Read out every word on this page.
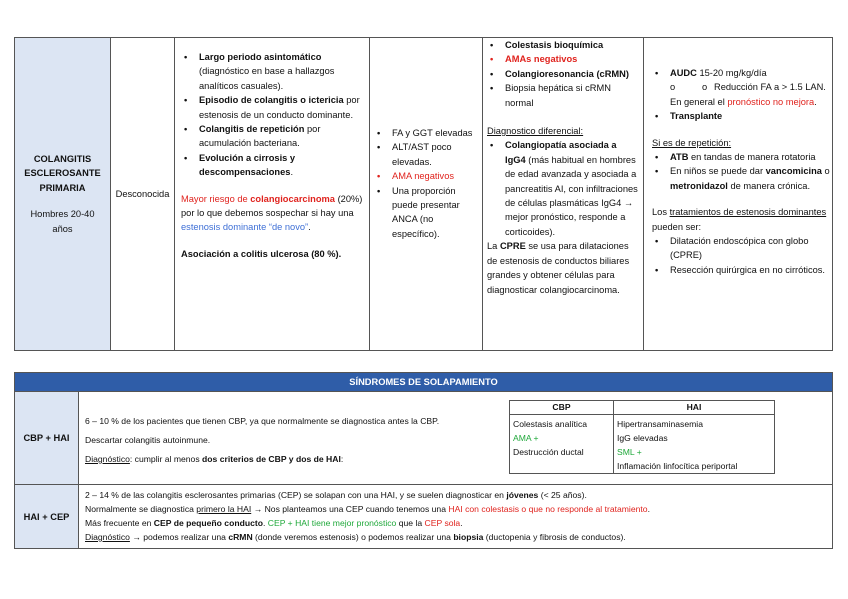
COLANGITIS ESCLEROSANTE PRIMARIA
Hombres 20-40 años
Desconocida
• Largo periodo asintomático (diagnóstico en base a hallazgos analíticos casuales).
• Episodio de colangitis o ictericia por estenosis de un conducto dominante.
• Colangitis de repetición por acumulación bacteriana.
• Evolución a cirrosis y descompensaciones.
Mayor riesgo de colangiocarcinoma (20%) por lo que debemos sospechar si hay una estenosis dominante “de novo”.
Asociación a colitis ulcerosa (80 %).
• FA y GGT elevadas
• ALT/AST poco elevadas.
• AMA negativos
• Una proporción puede presentar ANCA (no específico).
• Colestasis bioquímica
• AMAs negativos
• Colangioresonancia (cRMN)
• Biopsia hepática si cRMN normal
Diagnostico diferencial:
• Colangiopatía asociada a IgG4 (más habitual en hombres de edad avanzada y asociada a pancreatitis AI, con infiltraciones de células plasmáticas IgG4 → mejor pronóstico, responde a corticoides).
La CPRE se usa para dilataciones de estenosis de conductos biliares grandes y obtener células para diagnosticar colangiocarcinoma.
• AUDC 15-20 mg/kg/día
o o Reducción FA a > 1.5 LAN.
En general el pronóstico no mejora.
• Transplante
Si es de repetición:
• ATB en tandas de manera rotatoria
• En niños se puede dar vancomicina o metronidazol de manera crónica.
Los tratamientos de estenosis dominantes pueden ser:
• Dilatación endoscópica con globo (CPRE)
• Resección quirúrgica en no cirróticos.
SÍNDROMES DE SOLAPAMIENTO
CBP + HAI
6 – 10 % de los pacientes que tienen CBP, ya que normalmente se diagnostica antes la CBP.
Descartar colangitis autoinmune.
Diagnóstico: cumplir al menos dos criterios de CBP y dos de HAI:
CBP
Colestasis analítica
AMA +
Destrucción ductal
HAI
Hipertransaminasemia
IgG elevadas
SML +
Inflamación linfocítica periportal
HAI + CEP
2 – 14 % de las colangitis esclerosantes primarias (CEP) se solapan con una HAI, y se suelen diagnosticar en jóvenes (< 25 años).
Normalmente se diagnostica primero la HAI → Nos planteamos una CEP cuando tenemos una HAI con colestasis o que no responde al tratamiento.
Más frecuente en CEP de pequeño conducto. CEP + HAI tiene mejor pronóstico que la CEP sola.
Diagnóstico → podemos realizar una cRMN (donde veremos estenosis) o podemos realizar una biopsia (ductopenia y fibrosis de conductos).
